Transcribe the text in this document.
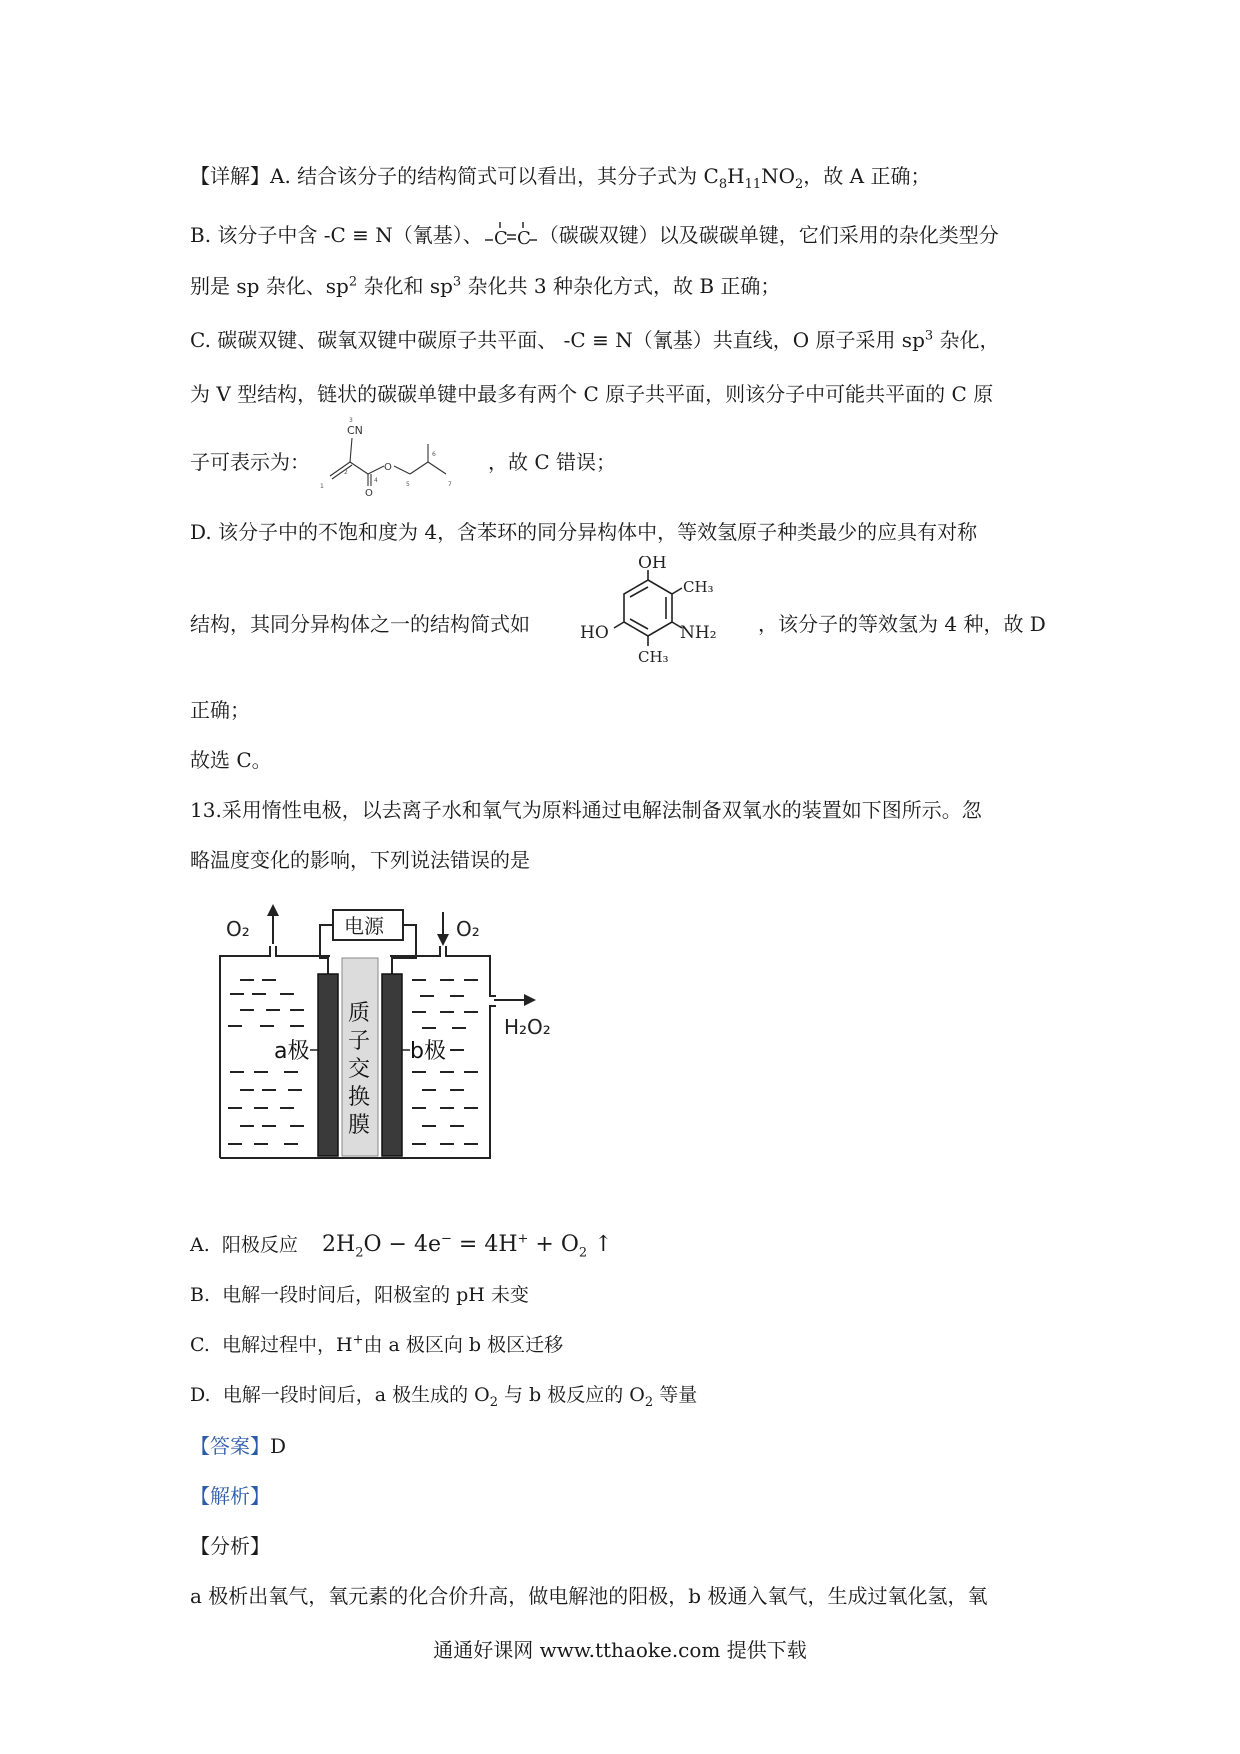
【详解】A. 结合该分子的结构简式可以看出，其分子式为 $C_8H_{11}NO_2$，故 A 正确；
B. 该分子中含 -C ≡ N（氰基）、 C C （碳碳双键）以及碳碳单键，它们采用的杂化类型分
别是 sp 杂化、$sp^2$ 杂化和 $sp^3$ 杂化共 3 种杂化方式，故 B 正确；
C. 碳碳双键、碳氧双键中碳原子共平面、 -C ≡ N（氰基）共直线，O 原子采用 $sp^3$ 杂化，
为 V 型结构，链状的碳碳单键中最多有两个 C 原子共平面，则该分子中可能共平面的 C 原
子可表示为：
CN
O
O
1
2
3
4
5
6
7
，故 C 错误；
D. 该分子中的不饱和度为 4，含苯环的同分异构体中，等效氢原子种类最少的应具有对称
结构，其同分异构体之一的结构简式如
OH
CH₃
HO	NH₂
CH₃
，该分子的等效氢为 4 种，故 D
正确；
故选 C。
13.采用惰性电极，以去离子水和氧气为原料通过电解法制备双氧水的装置如下图所示。忽
略温度变化的影响，下列说法错误的是
电源
O₂	O₂
H₂O₂
质
子
交
换
膜
a极	b极
A. 阳极反应 $2H_2O - 4e^- = 4H^+ + O_2$ ↑
B. 电解一段时间后，阳极室的 pH 未变
C. 电解过程中，H+由 a 极区向 b 极区迁移
D. 电解一段时间后，a 极生成的 $O_2$ 与 b 极反应的 $O_2$ 等量
【答案】D
【解析】
【分析】
a 极析出氧气，氧元素的化合价升高，做电解池的阳极，b 极通入氧气，生成过氧化氢，氧
通通好课网 www.tthaoke.com 提供下载
